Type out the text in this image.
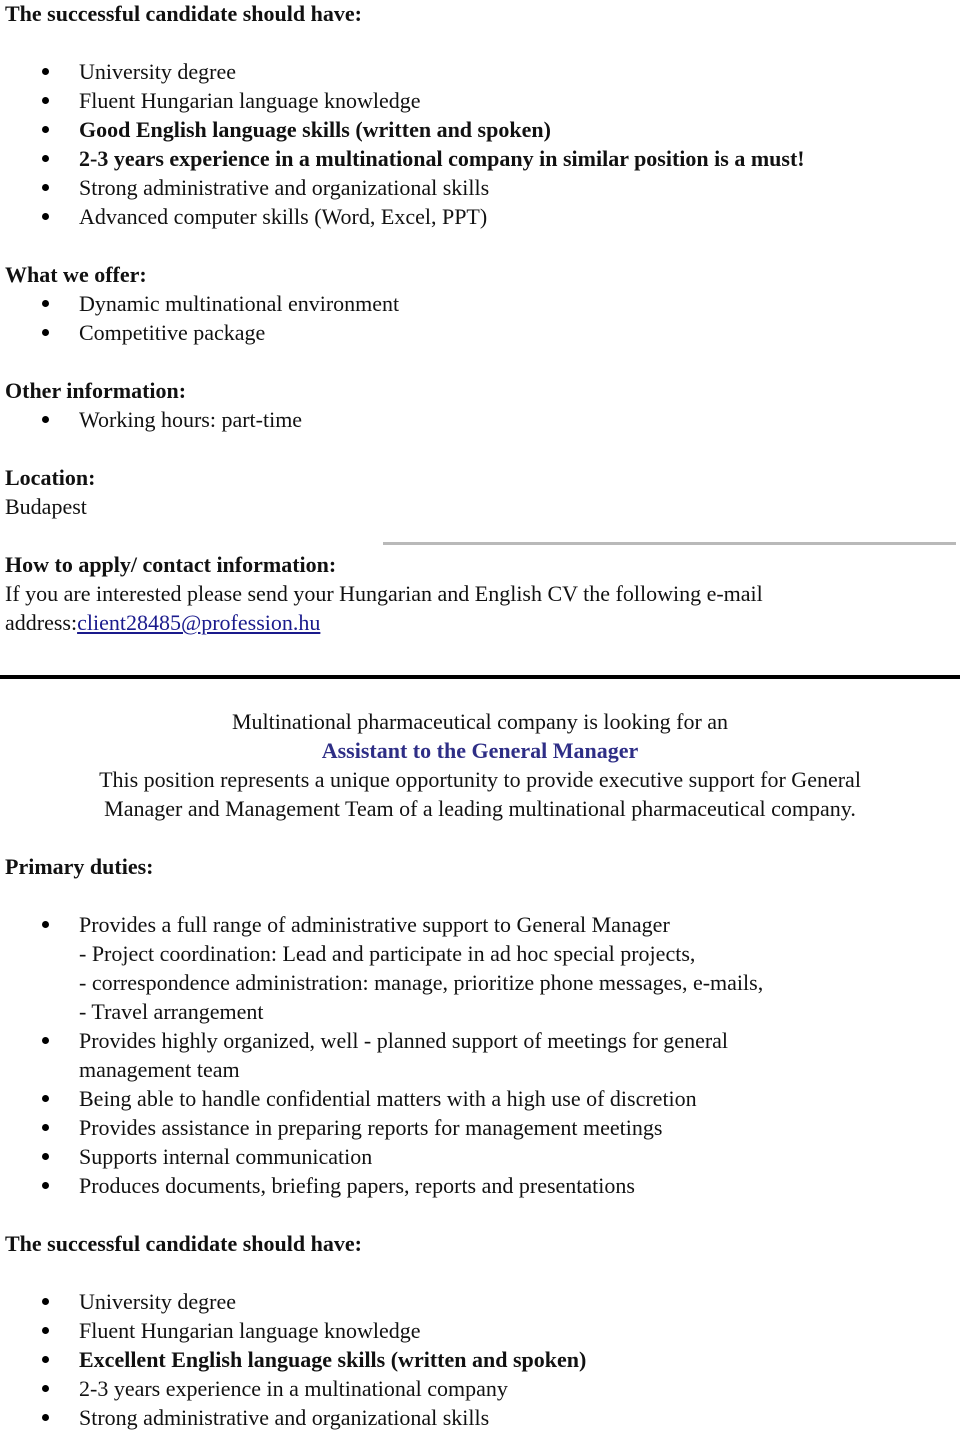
The successful candidate should have:
University degree
Fluent Hungarian language knowledge
Good English language skills (written and spoken)
2-3 years experience in a multinational company in similar position is a must!
Strong administrative and organizational skills
Advanced computer skills (Word, Excel, PPT)
What we offer:
Dynamic multinational environment
Competitive package
Other information:
Working hours: part-time
Location:
Budapest
How to apply/ contact information:
If you are interested please send your Hungarian and English CV the following e-mail
address:client28485@profession.hu
Multinational pharmaceutical company is looking for an
Assistant to the General Manager
This position represents a unique opportunity to provide executive support for General
Manager and Management Team of a leading multinational pharmaceutical company.
Primary duties:
Provides a full range of administrative support to General Manager
- Project coordination: Lead and participate in ad hoc special projects,
- correspondence administration: manage, prioritize phone messages, e-mails,
- Travel arrangement
Provides highly organized, well - planned support of meetings for general
management team
Being able to handle confidential matters with a high use of discretion
Provides assistance in preparing reports for management meetings
Supports internal communication
Produces documents, briefing papers, reports and presentations
The successful candidate should have:
University degree
Fluent Hungarian language knowledge
Excellent English language skills (written and spoken)
2-3 years experience in a multinational company
Strong administrative and organizational skills
